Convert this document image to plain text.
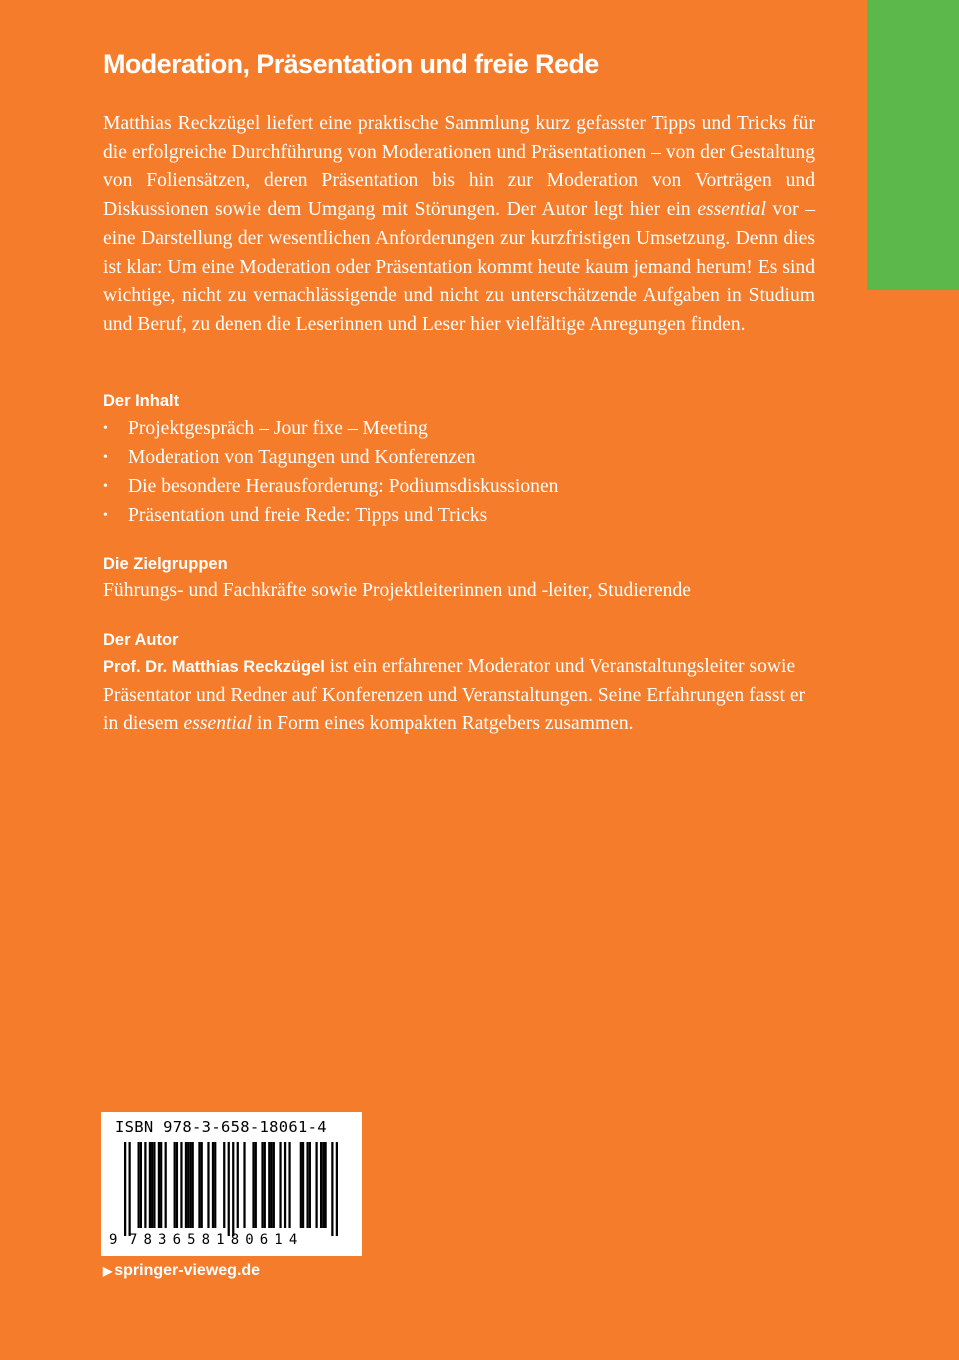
Moderation, Präsentation und freie Rede

Matthias Reckzügel liefert eine praktische Sammlung kurz gefasster Tipps und Tricks für die erfolgreiche Durchführung von Moderationen und Präsentationen – von der Gestaltung von Foliensätzen, deren Präsentation bis hin zur Moderation von Vorträgen und Diskussionen sowie dem Umgang mit Störungen. Der Autor legt hier ein essential vor – eine Darstellung der wesentlichen Anforderungen zur kurzfristigen Umsetzung. Denn dies ist klar: Um eine Moderation oder Präsentation kommt heute kaum jemand herum! Es sind wichtige, nicht zu vernachlässigende und nicht zu unterschätzende Aufgaben in Studium und Beruf, zu denen die Leserinnen und Leser hier vielfältige Anregungen finden.

Der Inhalt
• Projektgespräch – Jour fixe – Meeting
• Moderation von Tagungen und Konferenzen
• Die besondere Herausforderung: Podiumsdiskussionen
• Präsentation und freie Rede: Tipps und Tricks
Die Zielgruppen

Führungs- und Fachkräfte sowie Projektleiterinnen und -leiter, Studierende

Der Autor

Prof. Dr. Matthias Reckzügel ist ein erfahrener Moderator und Veranstaltungsleiter sowie Präsentator und Redner auf Konferenzen und Veranstaltungen. Seine Erfahrungen fasst er in diesem essential in Form eines kompakten Ratgebers zusammen.

ISBN 978-3-658-18061-4
9 783658180614
▶ springer-vieweg.de
